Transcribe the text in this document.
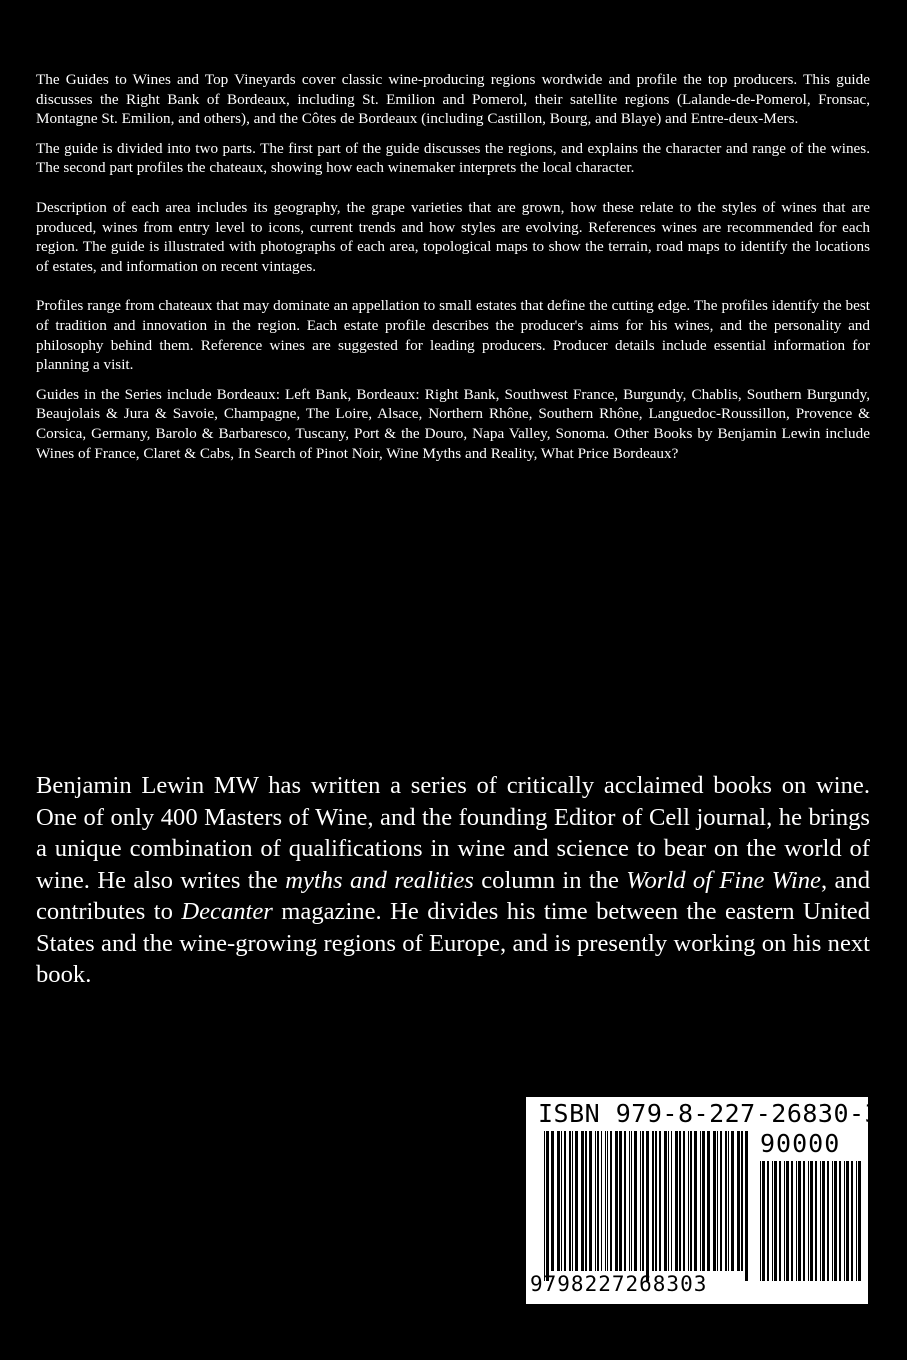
The Guides to Wines and Top Vineyards cover classic wine-producing regions wordwide and profile the top producers. This guide discusses the Right Bank of Bordeaux, including St. Emilion and Pomerol, their satellite regions (Lalande-de-Pomerol, Fronsac, Montagne St. Emilion, and others), and the Côtes de Bordeaux (including Castillon, Bourg, and Blaye) and Entre-deux-Mers.

The guide is divided into two parts. The first part of the guide discusses the regions, and explains the character and range of the wines. The second part profiles the chateaux, showing how each winemaker interprets the local character.

Description of each area includes its geography, the grape varieties that are grown, how these relate to the styles of wines that are produced, wines from entry level to icons, current trends and how styles are evolving. References wines are recommended for each region. The guide is illustrated with photographs of each area, topological maps to show the terrain, road maps to identify the locations of estates, and information on recent vintages.

Profiles range from chateaux that may dominate an appellation to small estates that define the cutting edge. The profiles identify the best of tradition and innovation in the region. Each estate profile describes the producer's aims for his wines, and the personality and philosophy behind them. Reference wines are suggested for leading producers. Producer details include essential information for planning a visit.

Guides in the Series include Bordeaux: Left Bank, Bordeaux: Right Bank, Southwest France, Burgundy, Chablis, Southern Burgundy, Beaujolais & Jura & Savoie, Champagne, The Loire, Alsace, Northern Rhône, Southern Rhône, Languedoc-Roussillon, Provence & Corsica, Germany, Barolo & Barbaresco, Tuscany, Port & the Douro, Napa Valley, Sonoma. Other Books by Benjamin Lewin include Wines of France, Claret & Cabs, In Search of Pinot Noir, Wine Myths and Reality, What Price Bordeaux?

Benjamin Lewin MW has written a series of critically acclaimed books on wine. One of only 400 Masters of Wine, and the founding Editor of Cell journal, he brings a unique combination of qualifications in wine and science to bear on the world of wine. He also writes the myths and realities column in the World of Fine Wine, and contributes to Decanter magazine. He divides his time between the eastern United States and the wine-growing regions of Europe, and is presently working on his next book.

ISBN 979-8-227-26830-3
90000
9798227268303
